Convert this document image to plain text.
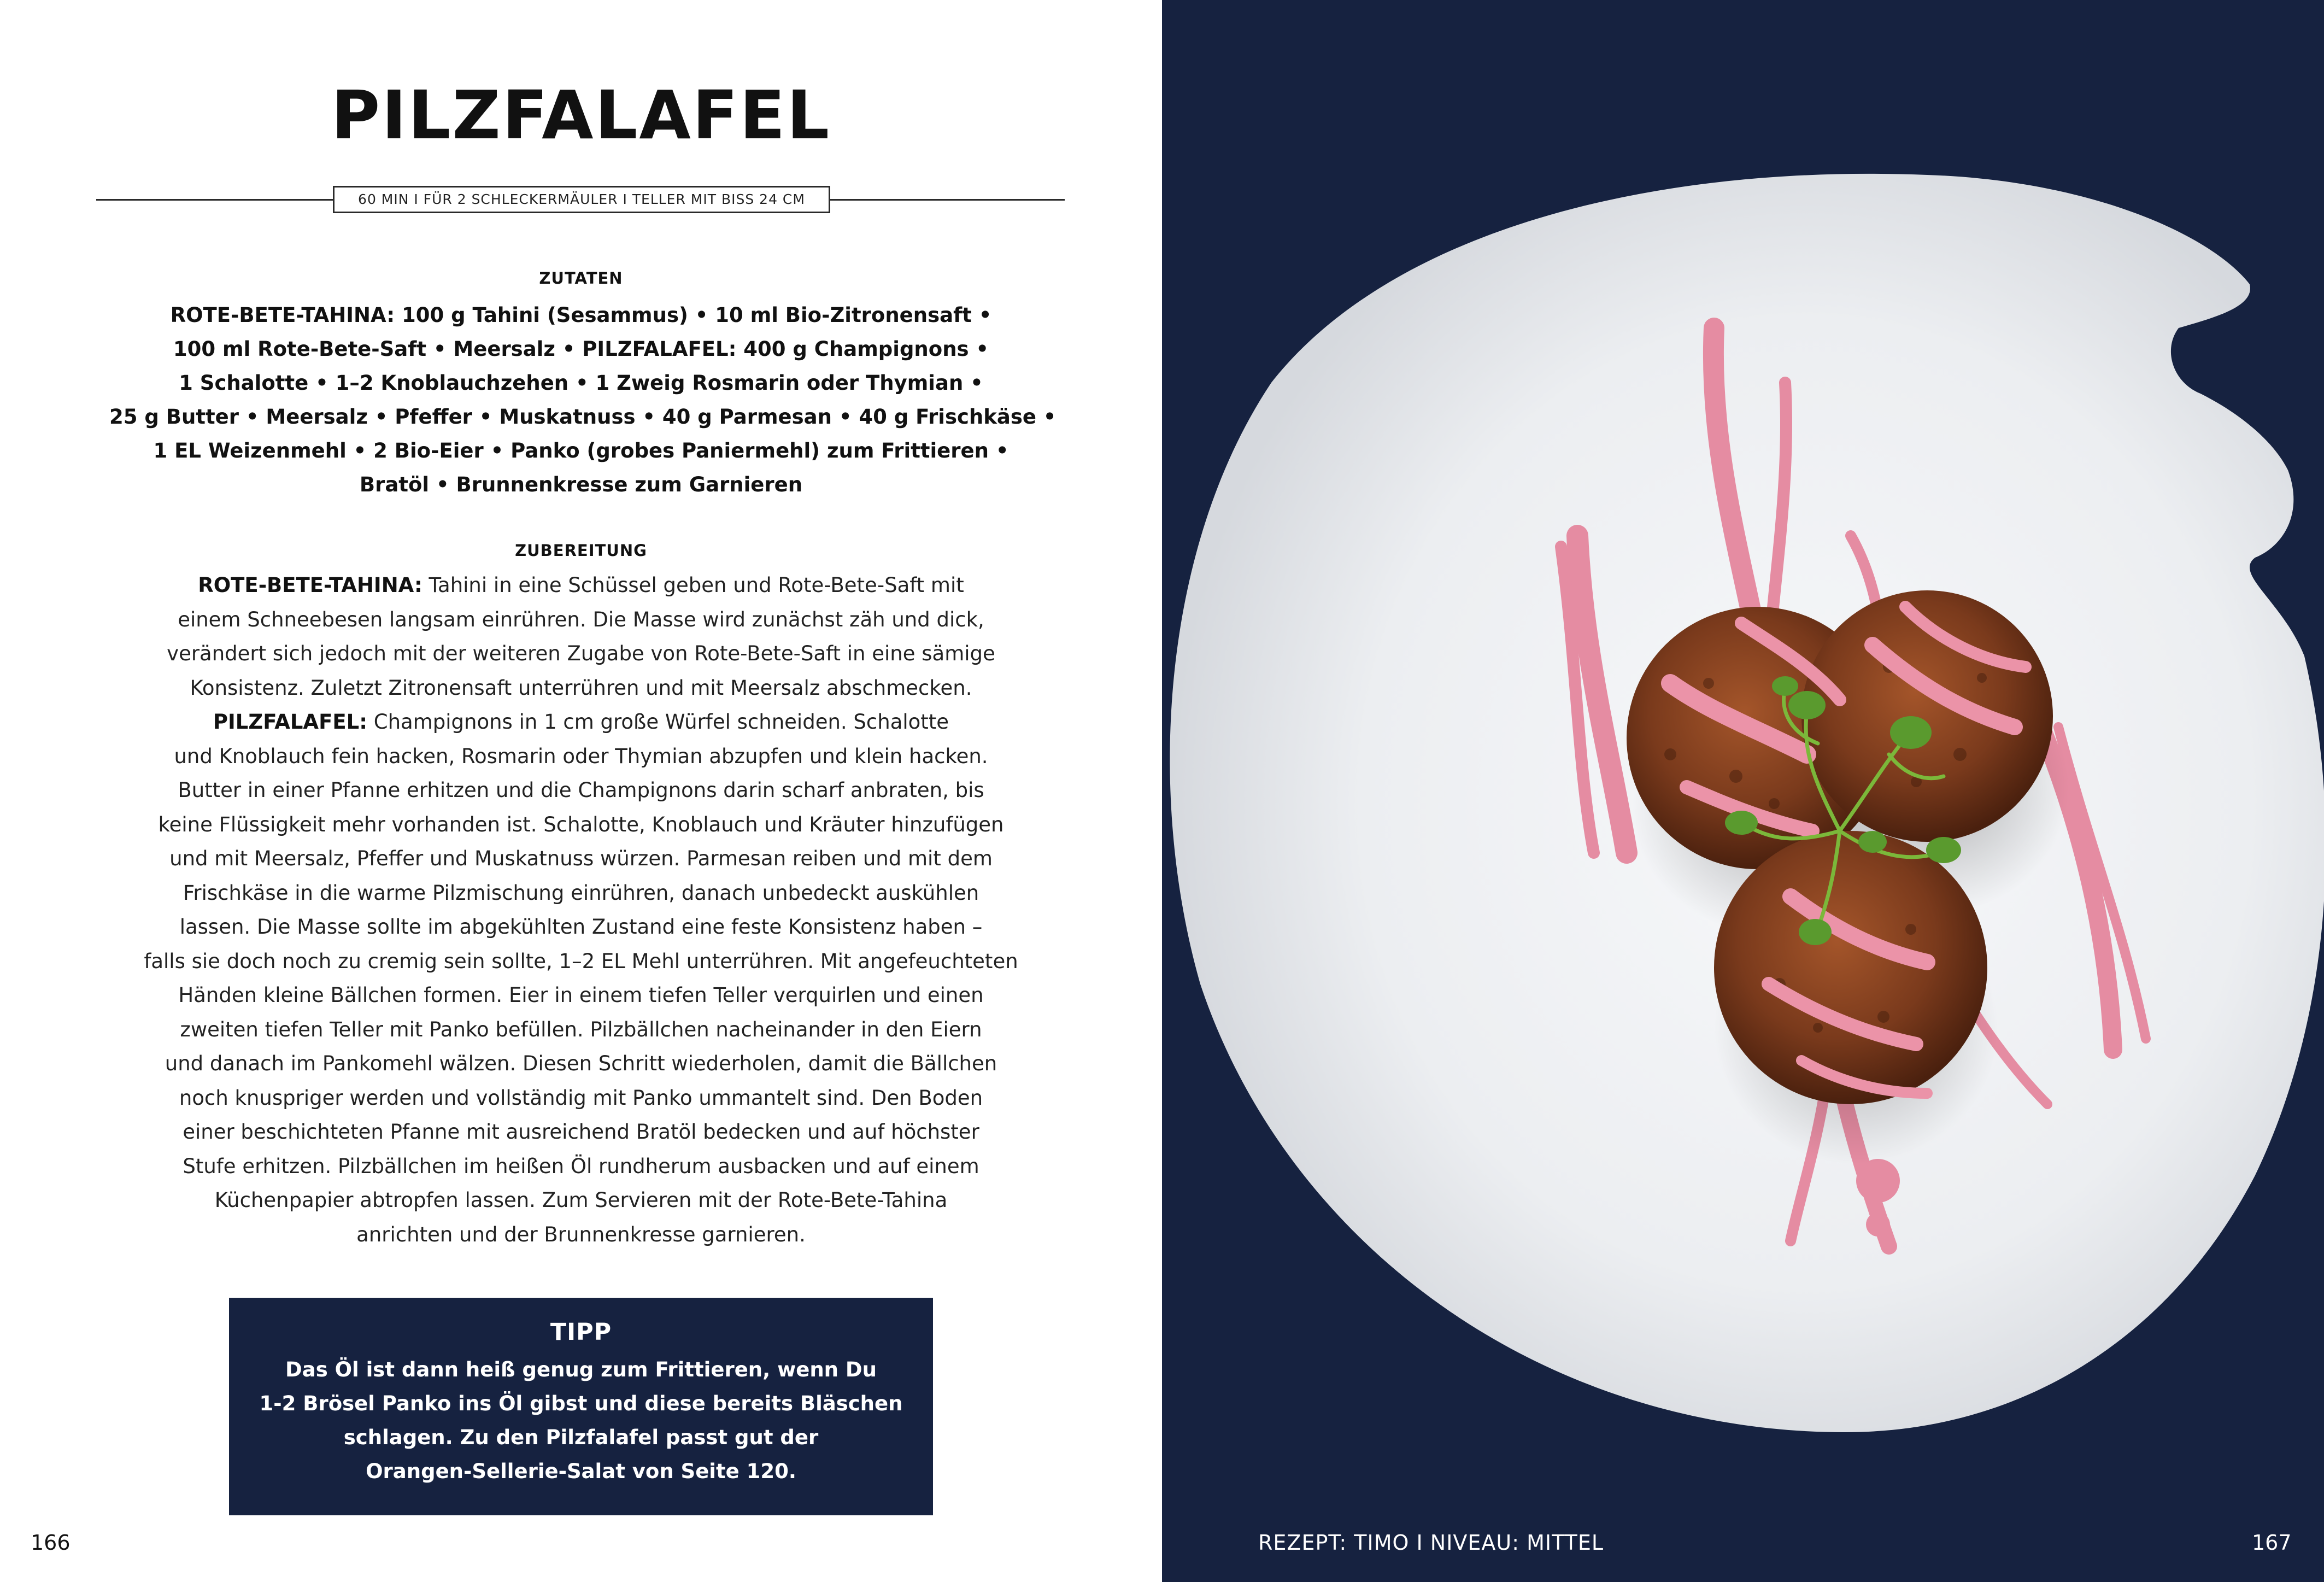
PILZFALAFEL
60 MIN I FÜR 2 SCHLECKERMÄULER I TELLER MIT BISS 24 CM
ZUTATEN
ROTE-BETE-TAHINA: 100 g Tahini (Sesammus) • 10 ml Bio-Zitronensaft •
100 ml Rote-Bete-Saft • Meersalz • PILZFALAFEL: 400 g Champignons •
1 Schalotte • 1–2 Knoblauchzehen • 1 Zweig Rosmarin oder Thymian •
25 g Butter • Meersalz • Pfeffer • Muskatnuss • 40 g Parmesan • 40 g Frischkäse •
1 EL Weizenmehl • 2 Bio-Eier • Panko (grobes Paniermehl) zum Frittieren •
Bratöl • Brunnenkresse zum Garnieren
ZUBEREITUNG
ROTE-BETE-TAHINA: Tahini in eine Schüssel geben und Rote-Bete-Saft mit
einem Schneebesen langsam einrühren. Die Masse wird zunächst zäh und dick,
verändert sich jedoch mit der weiteren Zugabe von Rote-Bete-Saft in eine sämige
Konsistenz. Zuletzt Zitronensaft unterrühren und mit Meersalz abschmecken.
PILZFALAFEL: Champignons in 1 cm große Würfel schneiden. Schalotte
und Knoblauch fein hacken, Rosmarin oder Thymian abzupfen und klein hacken.
Butter in einer Pfanne erhitzen und die Champignons darin scharf anbraten, bis
keine Flüssigkeit mehr vorhanden ist. Schalotte, Knoblauch und Kräuter hinzufügen
und mit Meersalz, Pfeffer und Muskatnuss würzen. Parmesan reiben und mit dem
Frischkäse in die warme Pilzmischung einrühren, danach unbedeckt auskühlen
lassen. Die Masse sollte im abgekühlten Zustand eine feste Konsistenz haben –
falls sie doch noch zu cremig sein sollte, 1–2 EL Mehl unterrühren. Mit angefeuchteten
Händen kleine Bällchen formen. Eier in einem tiefen Teller verquirlen und einen
zweiten tiefen Teller mit Panko befüllen. Pilzbällchen nacheinander in den Eiern
und danach im Pankomehl wälzen. Diesen Schritt wiederholen, damit die Bällchen
noch knuspriger werden und vollständig mit Panko ummantelt sind. Den Boden
einer beschichteten Pfanne mit ausreichend Bratöl bedecken und auf höchster
Stufe erhitzen. Pilzbällchen im heißen Öl rundherum ausbacken und auf einem
Küchenpapier abtropfen lassen. Zum Servieren mit der Rote-Bete-Tahina
anrichten und der Brunnenkresse garnieren.
TIPP
Das Öl ist dann heiß genug zum Frittieren, wenn Du
1-2 Brösel Panko ins Öl gibst und diese bereits Bläschen
schlagen. Zu den Pilzfalafel passt gut der
Orangen-Sellerie-Salat von Seite 120.
166	REZEPT: TIMO I NIVEAU: MITTEL	167
